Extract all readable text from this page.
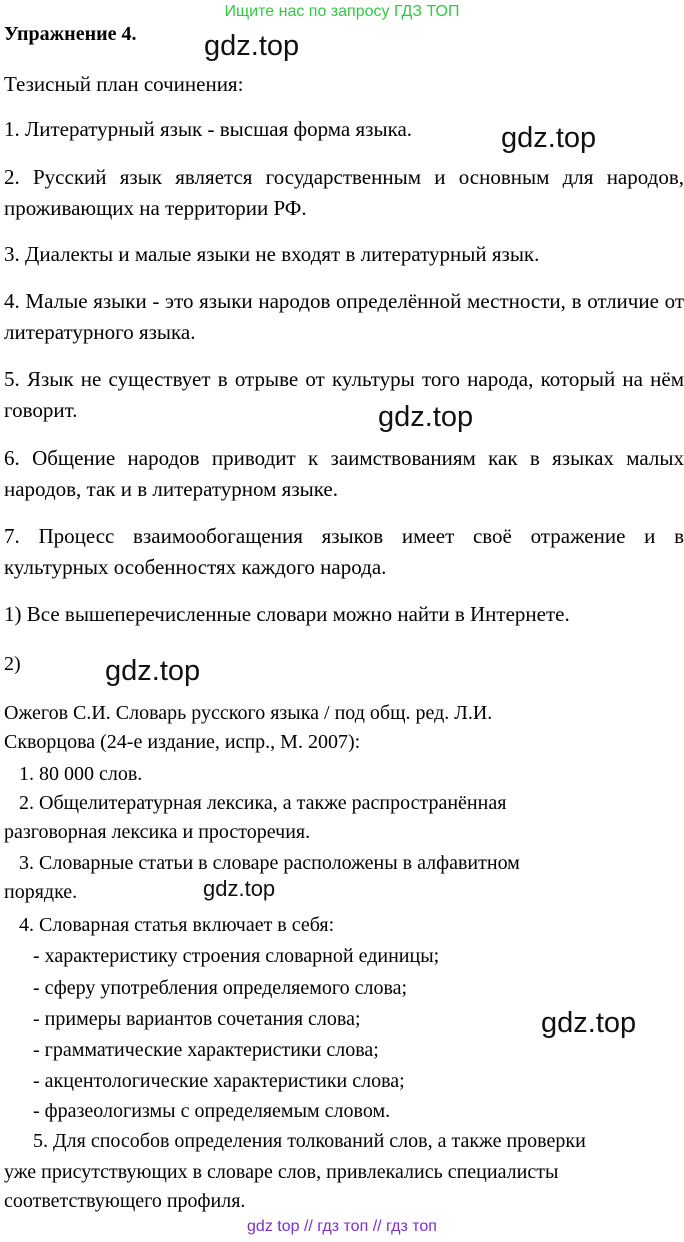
Ищите нас по запросу ГДЗ ТОП
Упражнение 4.
Тезисный план сочинения:
1. Литературный язык - высшая форма языка.
2. Русский язык является государственным и основным для народов, проживающих на территории РФ.
3. Диалекты и малые языки не входят в литературный язык.
4. Малые языки - это языки народов определённой местности, в отличие от литературного языка.
5. Язык не существует в отрыве от культуры того народа, который на нём говорит.
6. Общение народов приводит к заимствованиям как в языках малых народов, так и в литературном языке.
7. Процесс взаимообогащения языков имеет своё отражение и в культурных особенностях каждого народа.
1) Все вышеперечисленные словари можно найти в Интернете.
2)
Ожегов С.И. Словарь русского языка / под общ. ред. Л.И.
Скворцова (24-е издание, испр., М. 2007):
1. 80 000 слов.
2. Общелитературная лексика, а также распространённая
разговорная лексика и просторечия.
3. Словарные статьи в словаре расположены в алфавитном
порядке.
4. Словарная статья включает в себя:
- характеристику строения словарной единицы;
- сферу употребления определяемого слова;
- примеры вариантов сочетания слова;
- грамматические характеристики слова;
- акцентологические характеристики слова;
- фразеологизмы с определяемым словом.
5. Для способов определения толкований слов, а также проверки
уже присутствующих в словаре слов, привлекались специалисты
соответствующего профиля.
gdz.top
gdz.top
gdz.top
gdz.top
gdz.top
gdz.top
gdz top // гдз топ // гдз топ
